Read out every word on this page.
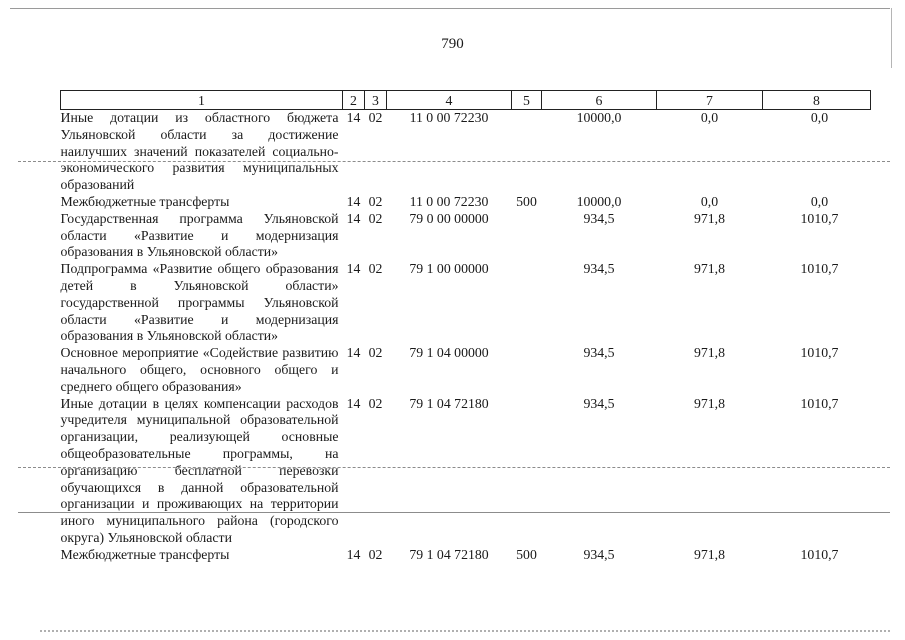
790
1	2	3	4	5	6	7	8
Иные дотации из областного бюджета Ульяновской области за достижение наилучших значений показателей социально-экономического развития муниципальных образований	14	02	11 0 00 72230		10000,0	0,0	0,0
Межбюджетные трансферты	14	02	11 0 00 72230	500	10000,0	0,0	0,0
Государственная программа Ульяновской области «Развитие и модернизация образования в Ульяновской области»	14	02	79 0 00 00000		934,5	971,8	1010,7
Подпрограмма «Развитие общего образования детей в Ульяновской области» государственной программы Ульяновской области «Развитие и модернизация образования в Ульяновской области»	14	02	79 1 00 00000		934,5	971,8	1010,7
Основное мероприятие «Содействие развитию начального общего, основного общего и среднего общего образования»	14	02	79 1 04 00000		934,5	971,8	1010,7
Иные дотации в целях компенсации расходов учредителя муниципальной образовательной организации, реализующей основные общеобразовательные программы, на организацию бесплатной перевозки обучающихся в данной образовательной организации и проживающих на территории иного муниципального района (городского округа) Ульяновской области	14	02	79 1 04 72180		934,5	971,8	1010,7
Межбюджетные трансферты	14	02	79 1 04 72180	500	934,5	971,8	1010,7
